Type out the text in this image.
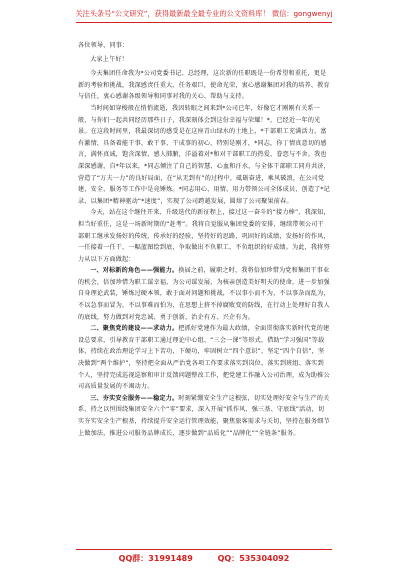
关注头条号“公文研究”，获得最新最全最专业的公文资料库！ 微信：gongwenyj

各位领导、同事：

大家上午好！

今天集团任命我为*公司党委书记、总经理，这次新的任职既是一份希望和重托，更是新的考验和挑战，我深感责任重大、任务艰巨，使命光荣，衷心感谢集团对我的培养、教育与信任，衷心感谢各级领导和同事对我的关心、帮助与支持。

当时间如穿梭般在悄悄流逝，我因转眼之间来到*公司已年，好像它才刚刚有关系一般，与你们一起共同经历那些日子，我深刻体会到这份幸福与荣耀！*，已经近一年的光景。在这段时间里，我最深切的感受是在这座青山绿水的土地上，*干部职工充满活力、富有激情，具备着能干事、敢干事、干成事的初心，特别是刚才，*同志，你丁情真意切的感言，满怀真诚，饱含深情，感人肺腑，洋溢着对*和对干部职工的热爱、眷恋与不舍。我也深深感谢，自*年以来，*同志倾注了自己的智慧、心血和汗水，与全体干部职工同舟共济，营造了“万夫一力”的良好局面，在“从无到有”的过程中，砥砺奋进，乘风破浪，在公司党建、安全、服务等工作中是竟锤炼。*同志用心、用情、用力带领公司全体成员，创造了*记录，以集团*精神驱动“*速度”，实现了公司跨越发展，圆熔了公司聚果前春。

今天，站在这个继往开来、升级迭代的新征程上，接过这一奋斗的“接力棒”，我深知，担当好重任，这是一场新时期的“赶考”。我将自觉服从集团党委的安排，继续带领公司干部职工继承发扬好的传统，传承好的经验，坚持好的思路，巩固好的成绩，发扬好的作风，一任接着一任干，一幅蓝图绘到底，争取做出不负职工、不负组织的好成绩。为此，我将努力从以下方面做起：

一、对标新的角色——强能力。换届之前，履职之时，我将倍加珍惜为党和集团干事业的机会，倍加珍惜为职工谋幸福、为公司谋发展，为核亲创造美好明天的使命，进一步加强自身理论武装，锤炼过硬本领，敢于面对问题和挑战，不以事小而不为，不以事杂而乱为，不以急事而冒为，不以事难而怕为，在思想上挤不掉腐败变的防线，在行动上处理好自我人的底线，努力做到对党忠诚、勇于创新、治企有方、兴企有为。

二、聚焦党的建设——求动力。把抓好党建作为最大政绩，全面贯彻落实新时代党的建设总要求，引导教育干部职工通过理论中心组、“三会一课”等形式，借助“学习强国”等载体，持续在政治理论学习上下苦功，下硬功，牢固树立“四个意识”、坚定“四个自信”，坚决做到“两个维护”，坚持把全面从严治党各项工作要求落实到岗位、落实到班组、落实到个人，坚持完成巡视巡察和审计反馈问题整改工作，把党建工作融入公司治理，成为助推公司高质量发展的不竭动力。

三、夯实安全服务——稳定力。时刻紧绷安全生产这根弦，切实处理好安全与生产的关系，持之以恒围绕集团安全六个“零”要求，深入开展“抓作风、强三基、守底线”活动，切实夯实安全生产根基，持续提升安全运行管理效能，聚焦旅客需求与关切，坚持在服务细节上做加法，推进公司服务品牌成长，逐步做到“品质化”“品牌化”“全链条”服务。

QQ群：31991489	QQ：535304092
